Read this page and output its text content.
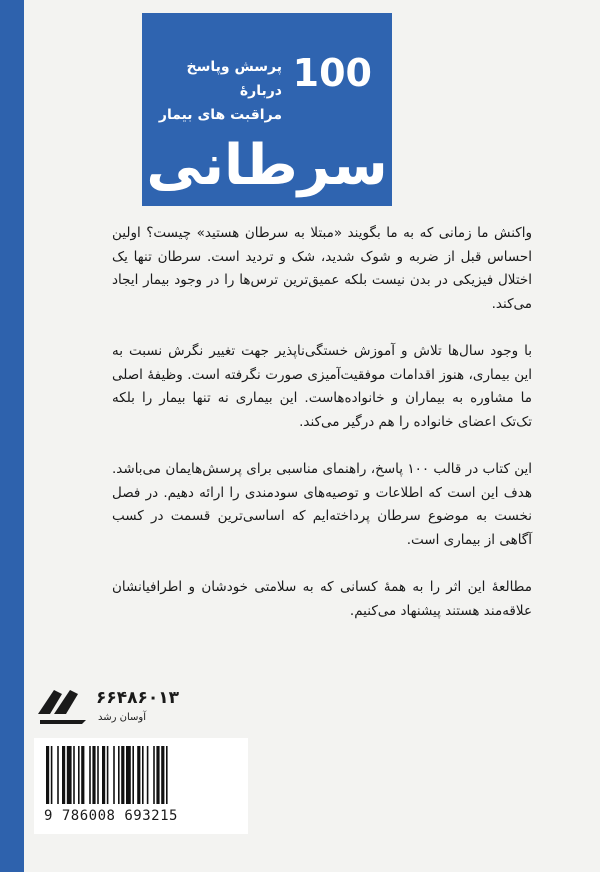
100
پرسش وپاسخ دربارهٔ
مراقبت های بیمار
سرطانی

واکنش ما زمانی که به ما بگویند «مبتلا به سرطان هستید» چیست؟ اولین احساس قبل از ضربه و شوک شدید، شک و تردید است. سرطان تنها یک اختلال فیزیکی در بدن نیست بلکه عمیق‌ترین ترس‌ها را در وجود بیمار ایجاد می‌کند.

با وجود سال‌ها تلاش و آموزش خستگی‌ناپذیر جهت تغییر نگرش نسبت به این بیماری، هنوز اقدامات موفقیت‌آمیزی صورت نگرفته است. وظیفهٔ اصلی ما مشاوره به بیماران و خانواده‌هاست. این بیماری نه تنها بیمار را بلکه تک‌تک اعضای خانواده را هم درگیر می‌کند.

این کتاب در قالب ۱۰۰ پاسخ، راهنمای مناسبی برای پرسش‌هایمان می‌باشد. هدف این است که اطلاعات و توصیه‌های سودمندی را ارائه دهیم. در فصل نخست به موضوع سرطان پرداخته‌ایم که اساسی‌ترین قسمت در کسب آگاهی از بیماری است.

مطالعهٔ این اثر را به همهٔ کسانی که به سلامتی خودشان و اطرافیانشان علاقه‌مند هستند پیشنهاد می‌کنیم.

۶۶۴۸۶۰۱۳
آوسان رشد
9 786008 693215
